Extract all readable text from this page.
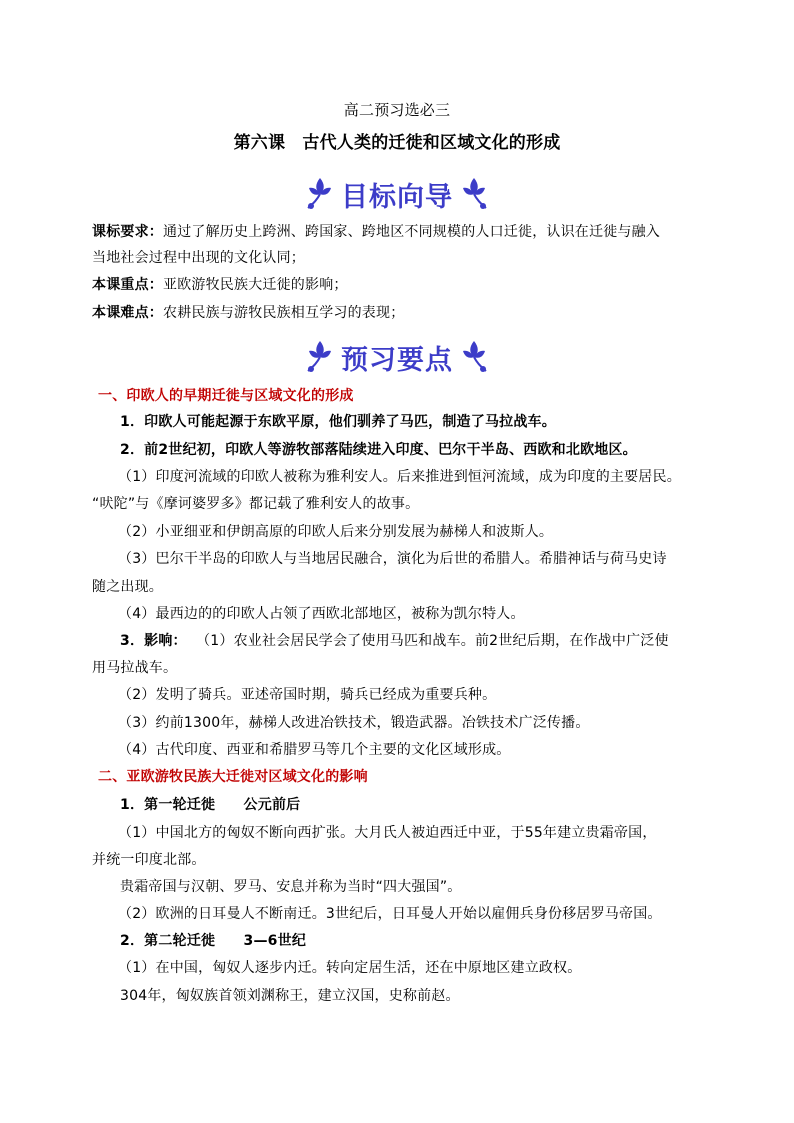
高二预习选必三
第六课　古代人类的迁徙和区域文化的形成
目标向导
课标要求：通过了解历史上跨洲、跨国家、跨地区不同规模的人口迁徙，认识在迁徙与融入
当地社会过程中出现的文化认同；
本课重点：亚欧游牧民族大迁徙的影响；
本课难点：农耕民族与游牧民族相互学习的表现；
预习要点
一、印欧人的早期迁徙与区域文化的形成
1．印欧人可能起源于东欧平原，他们驯养了马匹，制造了马拉战车。
2．前2世纪初，印欧人等游牧部落陆续进入印度、巴尔干半岛、西欧和北欧地区。
（1）印度河流域的印欧人被称为雅利安人。后来推进到恒河流域，成为印度的主要居民。
“吠陀”与《摩诃婆罗多》都记载了雅利安人的故事。
（2）小亚细亚和伊朗高原的印欧人后来分别发展为赫梯人和波斯人。
（3）巴尔干半岛的印欧人与当地居民融合，演化为后世的希腊人。希腊神话与荷马史诗
随之出现。
（4）最西边的的印欧人占领了西欧北部地区，被称为凯尔特人。
3．影响： （1）农业社会居民学会了使用马匹和战车。前2世纪后期，在作战中广泛使
用马拉战车。
（2）发明了骑兵。亚述帝国时期，骑兵已经成为重要兵种。
（3）约前1300年，赫梯人改进冶铁技术，锻造武器。冶铁技术广泛传播。
（4）古代印度、西亚和希腊罗马等几个主要的文化区域形成。
二、亚欧游牧民族大迁徙对区域文化的影响
1．第一轮迁徙　　公元前后
（1）中国北方的匈奴不断向西扩张。大月氏人被迫西迁中亚，于55年建立贵霜帝国，
并统一印度北部。
贵霜帝国与汉朝、罗马、安息并称为当时“四大强国”。
（2）欧洲的日耳曼人不断南迁。3世纪后，日耳曼人开始以雇佣兵身份移居罗马帝国。
2．第二轮迁徙　　3—6世纪
（1）在中国，匈奴人逐步内迁。转向定居生活，还在中原地区建立政权。
304年，匈奴族首领刘渊称王，建立汉国，史称前赵。
